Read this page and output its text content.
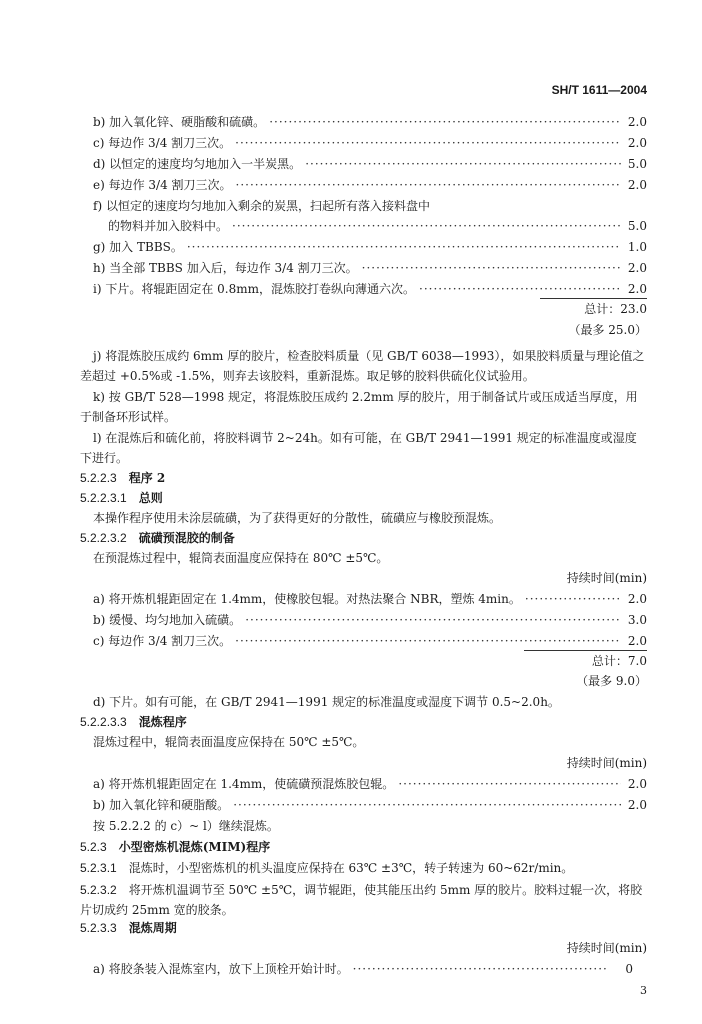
SH/T 1611—2004
b) 加入氧化锌、硬脂酸和硫磺。 ·····	2.0
c) 每边作 3/4 割刀三次。 ·····	2.0
d) 以恒定的速度均匀地加入一半炭黑。 ·····	5.0
e) 每边作 3/4 割刀三次。 ·····	2.0
f) 以恒定的速度均匀地加入剩余的炭黑，扫起所有落入接料盘中
的物料并加入胶料中。 ·····	5.0
g) 加入 TBBS。 ·····	1.0
h) 当全部 TBBS 加入后，每边作 3/4 割刀三次。 ·····	2.0
i) 下片。将辊距固定在 0.8mm，混炼胶打卷纵向薄通六次。 ·····	2.0
总计：23.0
（最多 25.0）
j) 将混炼胶压成约 6mm 厚的胶片，检查胶料质量（见 GB/T 6038—1993），如果胶料质量与理论值之差超过 +0.5%或 -1.5%，则弃去该胶料，重新混炼。取足够的胶料供硫化仪试验用。
k) 按 GB/T 528—1998 规定，将混炼胶压成约 2.2mm 厚的胶片，用于制备试片或压成适当厚度，用于制备环形试样。
l) 在混炼后和硫化前，将胶料调节 2~24h。如有可能，在 GB/T 2941—1991 规定的标准温度或湿度下进行。
5.2.2.3 程序 2
5.2.2.3.1 总则
本操作程序使用未涂层硫磺，为了获得更好的分散性，硫磺应与橡胶预混炼。
5.2.2.3.2 硫磺预混胶的制备
在预混炼过程中，辊筒表面温度应保持在 80℃ ±5℃。
持续时间(min)
a) 将开炼机辊距固定在 1.4mm，使橡胶包辊。对热法聚合 NBR，塑炼 4min。 ·····	2.0
b) 缓慢、均匀地加入硫磺。 ·····	3.0
c) 每边作 3/4 割刀三次。 ·····	2.0
总计：7.0
（最多 9.0）
d) 下片。如有可能，在 GB/T 2941—1991 规定的标准温度或湿度下调节 0.5~2.0h。
5.2.2.3.3 混炼程序
混炼过程中，辊筒表面温度应保持在 50℃ ±5℃。
持续时间(min)
a) 将开炼机辊距固定在 1.4mm，使硫磺预混炼胶包辊。 ·····	2.0
b) 加入氧化锌和硬脂酸。 ·····	2.0
按 5.2.2.2 的 c）~ l）继续混炼。
5.2.3 小型密炼机混炼(MIM)程序
5.2.3.1 混炼时，小型密炼机的机头温度应保持在 63℃ ±3℃，转子转速为 60~62r/min。
5.2.3.2 将开炼机温调节至 50℃ ±5℃，调节辊距，使其能压出约 5mm 厚的胶片。胶料过辊一次，将胶片切成约 25mm 宽的胶条。
5.2.3.3 混炼周期
持续时间(min)
a) 将胶条装入混炼室内，放下上顶栓开始计时。 ·····	0
3
